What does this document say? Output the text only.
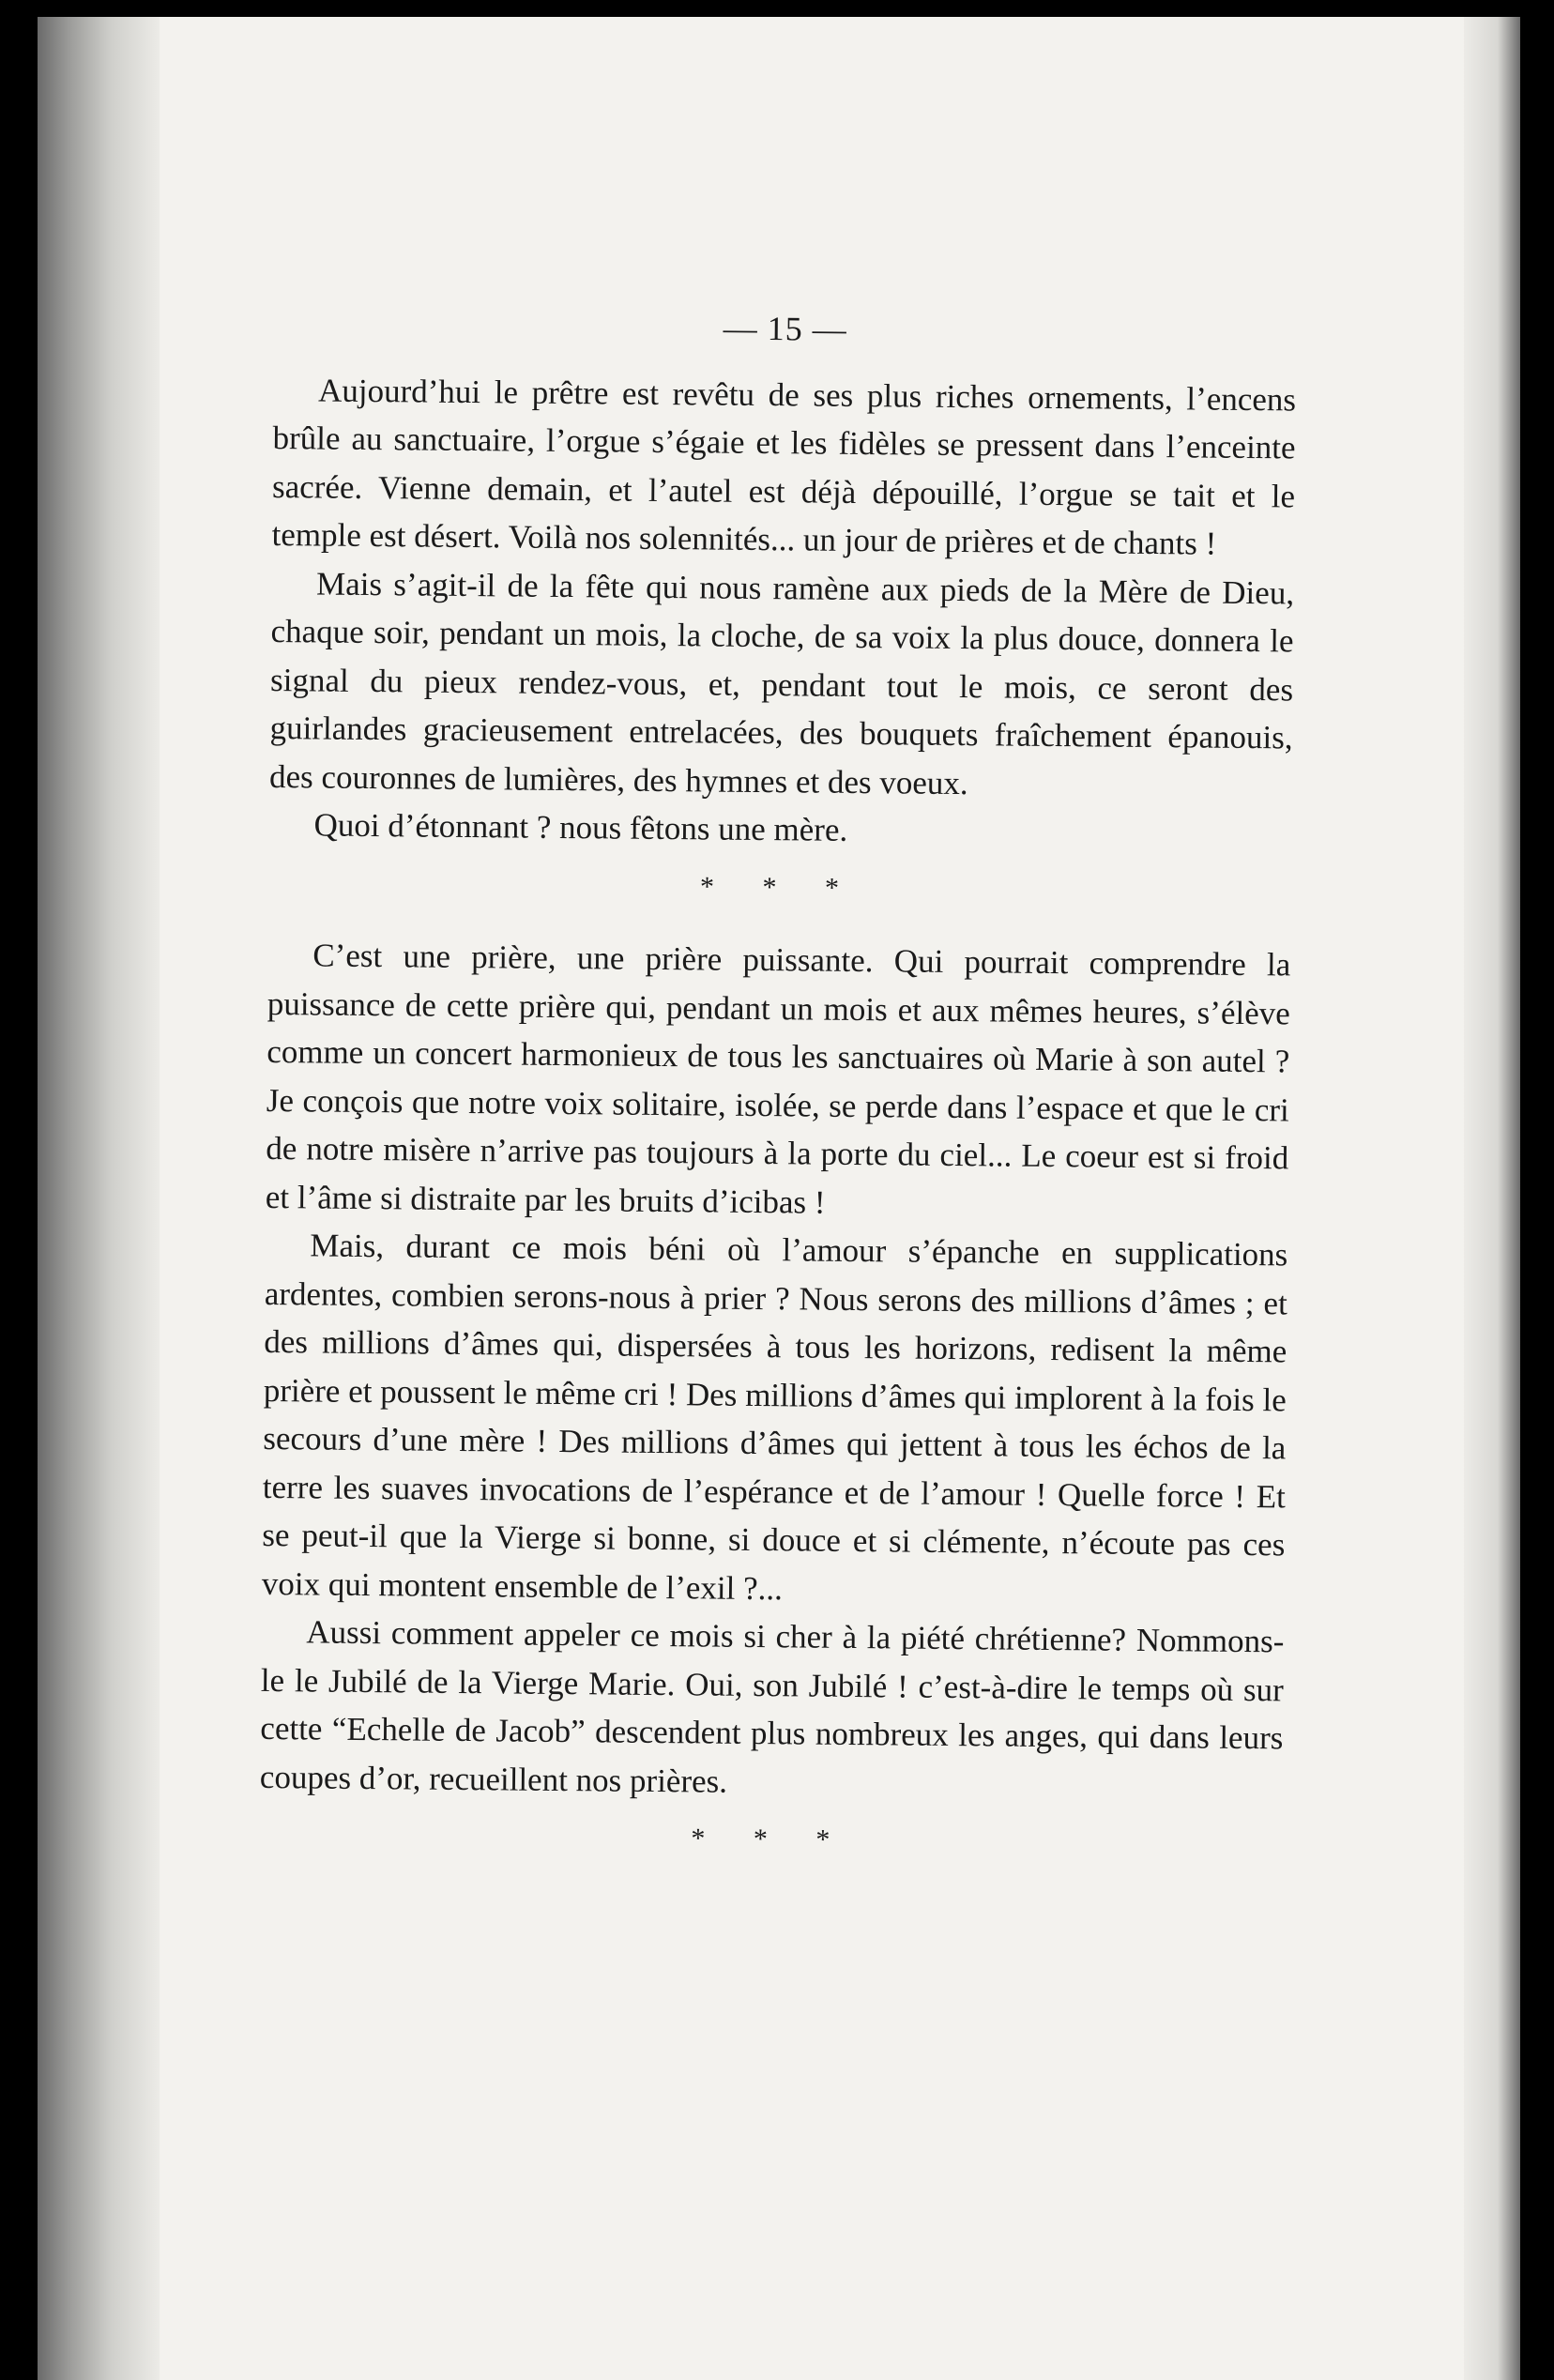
— 15 —

Aujourd’hui le prêtre est revêtu de ses plus riches ornements, l’encens brûle au sanctuaire, l’orgue s’égaie et les fidèles se pressent dans l’enceinte sacrée. Vienne demain, et l’autel est déjà dépouillé, l’orgue se tait et le temple est désert. Voilà nos solennités... un jour de prières et de chants !

Mais s’agit-il de la fête qui nous ramène aux pieds de la Mère de Dieu, chaque soir, pendant un mois, la cloche, de sa voix la plus douce, donnera le signal du pieux rendez-vous, et, pendant tout le mois, ce seront des guirlandes gracieusement entrelacées, des bouquets fraîchement épanouis, des couronnes de lumières, des hymnes et des voeux.

Quoi d’étonnant ? nous fêtons une mère.

* * *

C’est une prière, une prière puissante. Qui pourrait comprendre la puissance de cette prière qui, pendant un mois et aux mêmes heures, s’élève comme un concert harmonieux de tous les sanctuaires où Marie à son autel ? Je conçois que notre voix solitaire, isolée, se perde dans l’espace et que le cri de notre misère n’arrive pas toujours à la porte du ciel... Le coeur est si froid et l’âme si distraite par les bruits d’icibas !

Mais, durant ce mois béni où l’amour s’épanche en supplications ardentes, combien serons-nous à prier ? Nous serons des millions d’âmes ; et des millions d’âmes qui, dispersées à tous les horizons, redisent la même prière et poussent le même cri ! Des millions d’âmes qui implorent à la fois le secours d’une mère ! Des millions d’âmes qui jettent à tous les échos de la terre les suaves invocations de l’espérance et de l’amour ! Quelle force ! Et se peut-il que la Vierge si bonne, si douce et si clémente, n’écoute pas ces voix qui montent ensemble de l’exil ?...

Aussi comment appeler ce mois si cher à la piété chrétienne? Nommons-le le Jubilé de la Vierge Marie. Oui, son Jubilé ! c’est-à-dire le temps où sur cette “Echelle de Jacob” descendent plus nombreux les anges, qui dans leurs coupes d’or, recueillent nos prières.

* * *
